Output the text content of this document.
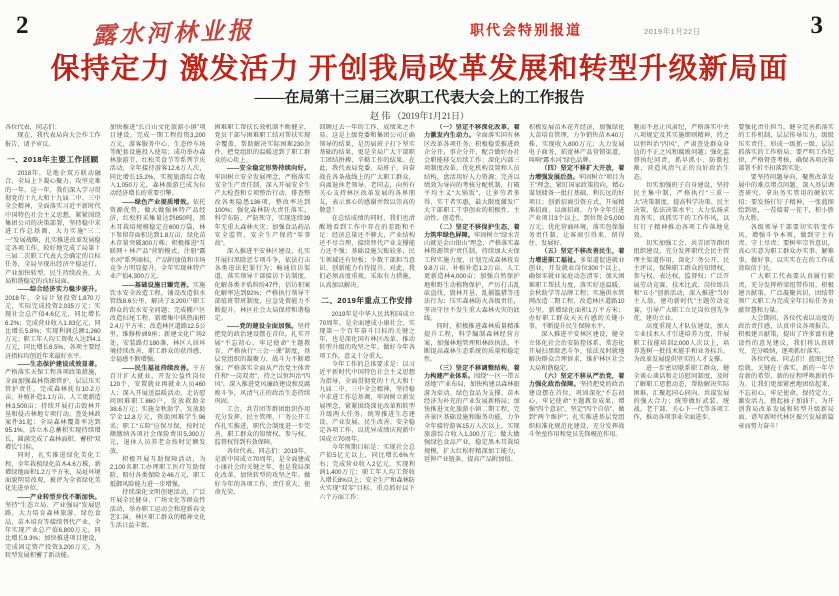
2	露水河林业报	职代会特别报道	2019年1月22日	3
保持定力 激发活力 开创我局改革发展和转型升级新局面
——在局第十三届三次职工代表大会上的工作报告
赵 伟 （2019年1月21日）

各位代表，同志们：

现在，我代表局向大会作工作报告，请予审议。

一、2018年主要工作回顾

2018年，是地企双方联动融合、全局上下凝心聚力、攻坚克难的一年。这一年，我们深入学习贯彻党的十九大和十九届二中、三中全会精神，全面落实习近平新时代中国特色社会主义思想，紧紧围绕集团公司的决策部署，坚持稳中求进工作总基调，大力实施“三二一”发展战略，扎实推进改革发展稳定各项工作，较好地完成了局第十三届二次职工代表大会确定的目标任务，全局呈现出经济平稳运行、产业加快转型、民生持续改善、大局和谐稳定的良好局面。

——综合经济实力稳步提升。2018年，全局计划投资1,870万元，实际完成投资2,035万元；实现社会总产值4.6亿元，同比增长6.2%；完成营业收入1.83亿元，同比增长5.8%；实现利润总额1,260万元；职工年人均工资收入达到4.1万元，同比增长8.5%，各项主要经济指标均创近年来最好水平。

——生态保护建设成效显著。严格落实天保工程各项政策措施，全面加强森林资源管护，层层压实管护责任，完成森林抚育10.2万亩、补植补造1.1万亩、人工更新造林3,500亩；持续开展打击毁林开垦和侵占林地专项行动，查处林政案件31起；全局森林覆盖率达到95.1%，活立木总蓄积实现持续增长，圆满完成了森林面积、蓄积“双增长”目标。

同时，扎实推进绿化美化工程，全年栽植绿化苗木4.6万株，新增绿地面积1.2万平方米，局址环境面貌明显改观，被评为全省绿化美化先进单位。

——产业转型步伐不断加快。坚持“生态立局、产业强局”发展思路，大力培育森林旅游、绿色食品、苗木培育等接续替代产业，全年实现产业总产值6,800万元，同比增长9.3%；加快推进项目建设，完成固定资产投资3,200万元，为转型发展积蓄了新动能。

加快推进“长白山文化旅游小镇”项目建设，完成一期工程投资3,200万元，游客服务中心、生态停车场等配套设施投入使用；成功举办森林旅游节、红松美食节等系列节庆活动，全年接待游客12.6万人次，同比增长15.2%，实现旅游综合收入1,050万元，森林旅游已成为拉动经济增长的重要引擎。

——绿色产业提质增效。依托资源优势，做大做强林特产品经济，红松籽采集量达到850吨，黑木耳栽培规模稳定在600万袋，林下参留存面积达到1.8万亩，绿化苗木存量突破300万株；积极推进“互联网＋林产品”营销模式，注册“露水河”系列商标，产品附加值和市场竞争力明显提升，全年实现林特产业产值4,300万元。

——基础设施日臻完善。实施饮水安全改造工程，铺设改造供水管线8.6公里，解决了3,200户职工群众的饮水安全问题；完成棚户区改造扫尾工程，新增集中供热面积2.4万平方米；改造林区道路12.5公里，维修桥涵9座；新建文化广场2处，安装路灯180盏，林区人居环境持续改善，职工群众的获得感、幸福感不断增强。

——民生福祉持续改善。千方百计扩大就业，开发公益性岗位120个，安置就业再就业人员460人；深入开展送温暖活动，走访慰问困难职工860户，发放救助金38.6万元；实施金秋助学，发放助学金12.8万元，资助困难学生96名；职工“五险”应保尽保，按时足额缴纳各项社会保险费用5,300万元，退休人员养老金按时足额发放。

积极开展互助保障活动，为2,100名职工办理职工医疗互助保险，赔付各类保险金46万元，职工抵御风险能力进一步增强。

持续深化文明创建活动，广泛开展全民健身、广场文化等群众性活动，举办职工运动会和迎新春文艺汇演，林区职工群众的精神文化生活日益丰富。

困难职工帮扶长效机制不断健全，党员干部与困难职工结对帮扶实现全覆盖，帮助解决实际困难230余件，把党组织的温暖送到了职工群众的心坎上。

——安全稳定形势持续向好。牢固树立安全发展理念，严格落实安全生产责任制，深入开展安全生产大检查和专项整治行动，排查整改各类隐患136项，整改率达到100%；强化森林防火责任落实，科学布防、严防死守，实现连续39年无重大森林火灾；加强食品药品安全监管，安全生产保持“零事故”。

深入推进平安林区建设，扎实开展扫黑除恶专项斗争，依法打击各类违法犯罪行为；畅通信访渠道，落实领导干部接访下访制度，化解各类矛盾纠纷47件，信访积案化解率达到92%；严格执行领导干部值班带班制度，应急处置能力不断提升，林区社会大局保持和谐稳定。

——党的建设全面加强。坚持把党的政治建设摆在首位，扎实开展“不忘初心、牢记使命”主题教育，严格执行“三会一课”制度，基层党组织的凝聚力、战斗力不断增强；严格落实全面从严治党主体责任和“一岗双责”，持之以恒纠治“四风”，深入推进党风廉政建设和反腐败斗争，风清气正的政治生态持续巩固。

工会、共青团等群团组织作用充分发挥，民主管理、厂务公开工作扎实推进，职代会制度进一步完善，职工群众的知情权、参与权、监督权得到有效保障。

各位代表、同志们：2019年，是新中国成立70周年，是全面建成小康社会的关键之年，也是我局深化改革、加快转型的攻坚之年。做好今年的各项工作，责任重大、使命光荣。

回顾过去一年的工作，成绩来之不易。这是上级党委和集团公司正确领导的结果，是历届班子打下坚实基础的结果，更是全局广大干部职工团结拼搏、辛勤工作的结果。在此，我代表局党委、局班子，向奋战在各条战线上的广大职工群众，向离退休老领导、老同志，向所有关心支持林区改革发展的各界朋友，表示衷心的感谢并致以崇高的敬意！

在总结成绩的同时，我们也清醒地看到工作中存在的差距和不足：经济总量还不够大，产业结构还不尽合理，接续替代产业支撑能力还不强；基础设施欠账较多，民生领域还有短板；少数干部担当意识、创新能力有待提升。对此，我们必须高度重视，采取有力措施，认真加以解决。

二、2019年重点工作安排

2019年是中华人民共和国成立70周年，是全面建成小康社会、实现第一个百年奋斗目标的关键之年，也是深化国有林区改革、推动转型升级的攻坚之年。做好今年各项工作，意义十分重大。

今年工作的总体要求是：以习近平新时代中国特色社会主义思想为指导，全面贯彻党的十九大和十九届二中、三中全会精神，坚持稳中求进工作总基调，牢固树立新发展理念，紧紧围绕深化改革和转型升级两大任务，统筹推进生态建设、产业发展、民生改善、安全稳定各项工作，以优异成绩庆祝新中国成立70周年。

今年预期目标是：实现社会总产值5亿元以上，同比增长6%左右；完成营业收入2亿元，实现利润1,400万元；职工年人均工资收入增长8%以上；安全生产和森林防火实现“双零”目标。重点抓好以下六个方面工作：

（一）坚定不移深化改革，着力激发内生动力。全面落实国有林区改革各项任务，积极稳妥推进政企分开、事企分开，配合做好办社会职能移交后续工作；深化内部三项制度改革，优化机构设置和人员结构，盘活用好人力资源；完善以绩效为导向的考核分配机制，打破平均主义“大锅饭”，让多劳者多得、实干者实惠，最大限度激发广大干部职工干事创业的积极性、主动性、创造性。

（二）坚定不移保护生态，着力筑牢绿色屏障。牢固树立“绿水青山就是金山银山”理念，严格落实森林资源管护责任制，持续加大天保工程实施力度，计划完成森林抚育9.8万亩、补植补造1.2万亩、人工更新造林4,000亩；加强自然保护地和野生动植物保护，严厉打击乱砍盗伐、毁林开垦、乱捕滥猎等违法行为；压实森林防火各级责任，坚决守住不发生重大森林火灾的底线。

同时，积极推进森林质量精准提升工程，科学编制森林经营方案，加强林地管理和林政执法，不断提高森林生态系统的质量和稳定性。

（三）坚定不移调整结构，着力构建产业体系。围绕“一区一带五基地”产业布局，加快构建以森林旅游为牵动、绿色食品为支撑、苗木经济为补充的产业发展新格局；加快推进文化旅游小镇二期工程，完善景区基础设施和服务功能，力争全年接待游客15万人次以上，实现旅游综合收入1,300万元；做大做强绿色食品产业，稳定黑木耳栽培规模，扩大红松籽精深加工能力，延伸产业链条，提高产品附加值。

积极发展苗木花卉经济，加强绿化大苗培育管理，力争销售苗木40万株、实现收入800万元；大力发展电子商务，拓宽林产品营销渠道，叫响“露水河”绿色品牌。

（四）坚定不移扩大开放，着力增强发展后劲。牢固树立“项目为王”理念，紧盯国家政策投向，精心谋划储备一批打基础、利长远的好项目；创新招商引资方式，开展精准招商、以商招商，力争全年引进产业项目3个以上，到位资金5,000万元；优化营商环境，落实包保服务责任制，让客商引得来、留得住、发展好。

（五）坚定不移改善民生，着力增进职工福祉。多渠道促进就业创业，开发就业岗位300个以上，确保零就业家庭动态清零；加大困难职工帮扶力度，落实好送温暖、金秋助学等品牌工程；实施供水管网改造二期工程，改造林区道路10公里，新增绿化面积1万平方米；办好职工群众天天有感的关键小事，不断提升民生保障水平。

深入推进平安林区建设，健全立体化社会治安防控体系，常态化开展扫黑除恶斗争，依法及时就地解决群众合理诉求，维护林区社会大局和谐稳定。

（六）坚定不移从严治党，着力强化政治保障。坚持把党的政治建设摆在首位，巩固深化“不忘初心、牢记使命”主题教育成果，增强“四个意识”、坚定“四个自信”、做到“两个维护”；扎实推进基层党组织标准化规范化建设，充分发挥战斗堡垒作用和党员先锋模范作用。

驰而不息正风肃纪，严格落实中央八项规定及其实施细则精神，持之以恒纠治“四风”，严肃查处群众身边的不正之风和腐败问题；强化监督执纪问责，抓早抓小、防微杜渐，营造风清气正的良好政治生态。

切实加强班子自身建设，坚持民主集中制，严格执行“三重一大”决策制度，提高科学决策、民主决策、依法决策水平；大力弘扬求真务实、真抓实干的工作作风，以钉钉子精神推动各项工作落地见效。

切实加强工会、共青团等群团组织建设，充分发挥职代会民主管理主渠道作用，深化厂务公开、民主评议，保障职工群众的知情权、参与权、表达权、监督权；广泛开展劳动竞赛、技术比武、岗位练兵和“五小”创新活动，深入推进“当好主人翁、建功新时代”主题劳动竞赛，引导广大职工立足岗位创先争优、建功立业。

高度重视人才队伍建设，加大专业技术人才引进培养力度，开展职工技能培训2,000人次以上，培养选树一批技术能手和业务标兵，为改革发展提供坚实的人才支撑。

进一步密切联系职工群众，健全谈心谈话和走访慰问制度，及时了解职工思想动态，帮助解决实际困难，汇聚起同心同向、共谋发展的强大合力；统筹做好武装、统战、老干部、关心下一代等各项工作，推动各项事业全面进步。

要强化责任担当，健全完善抓落实的工作机制，层层传导压力，级级压实责任，形成一级抓一级、层层抓落实的工作格局；要严明工作纪律，严格督查考核，确保各项决策部署不折不扣落到实处。

要坚持问题导向，聚焦改革发展中的难点堵点问题，深入基层调查研究，拿出务实管用的硬招实招；要发扬钉钉子精神，一张蓝图绘到底，一茬接着一茬干，积小胜为大胜。

各级领导干部要切实转变作风，增强斗争本领，做到守土有责、守土尽责；要树牢宗旨意识，真心实意为职工群众办实事、解难事、做好事，以实实在在的工作成效取信于民。

广大职工代表要认真履行职责，充分发挥桥梁纽带作用，积极建言献策，广泛凝聚共识，团结带领广大职工为完成全年目标任务贡献智慧和力量。

大会期间，各位代表以高度的政治责任感，认真审议各项报告，积极建言献策，提出了许多富有建设性的意见建议，我们将认真研究、充分吸纳，逐项抓好落实。

各位代表、同志们！蓝图已经绘就，关键在于落实。新的一年孕育新的希望，新的征程呼唤新的作为。让我们更加紧密地团结起来，不忘初心、牢记使命，保持定力、激发活力，撸起袖子加油干，为开创我局改革发展和转型升级新局面、谱写新时代林区振兴发展新篇章而努力奋斗！
